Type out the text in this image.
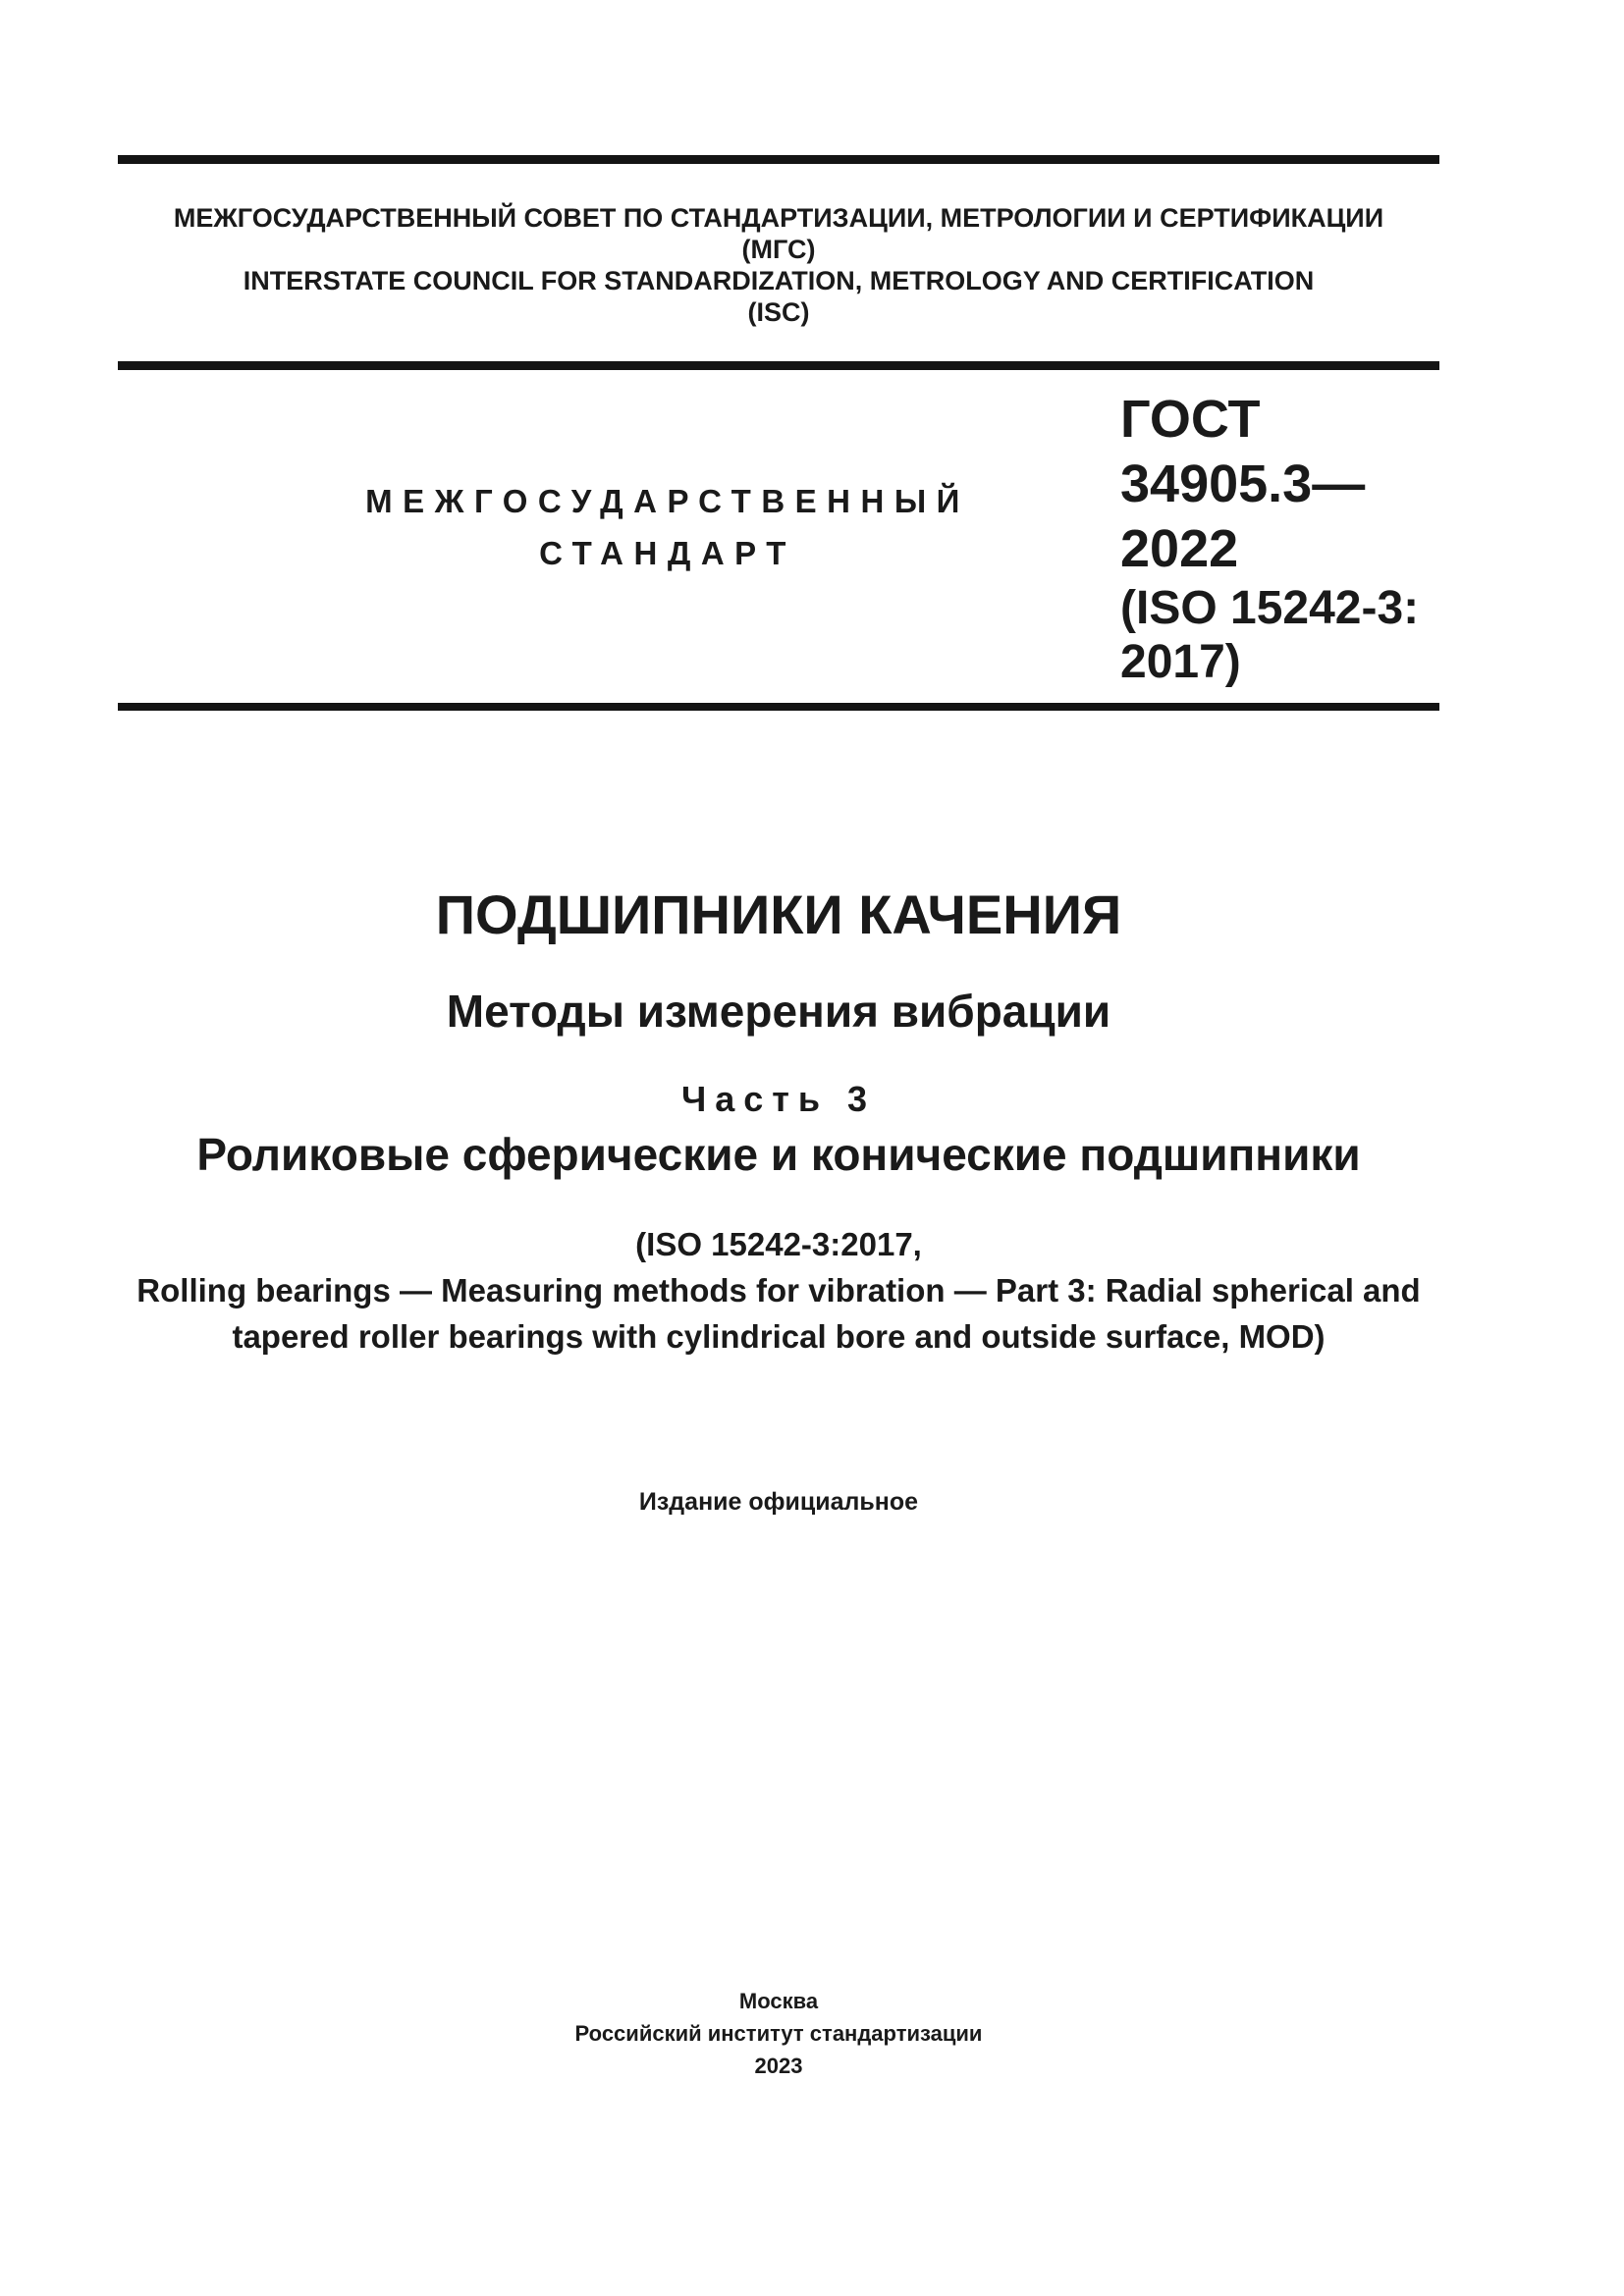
МЕЖГОСУДАРСТВЕННЫЙ СОВЕТ ПО СТАНДАРТИЗАЦИИ, МЕТРОЛОГИИ И СЕРТИФИКАЦИИ
(МГС)
INTERSTATE COUNCIL FOR STANDARDIZATION, METROLOGY AND CERTIFICATION
(ISC)
МЕЖГОСУДАРСТВЕННЫЙ
СТАНДАРТ
ГОСТ
34905.3—
2022
(ISO 15242-3:
2017)
ПОДШИПНИКИ КАЧЕНИЯ
Методы измерения вибрации
Часть 3
Роликовые сферические и конические подшипники
(ISO 15242-3:2017,
Rolling bearings — Measuring methods for vibration — Part 3: Radial spherical and
tapered roller bearings with cylindrical bore and outside surface, MOD)
Издание официальное
Москва
Российский институт стандартизации
2023
